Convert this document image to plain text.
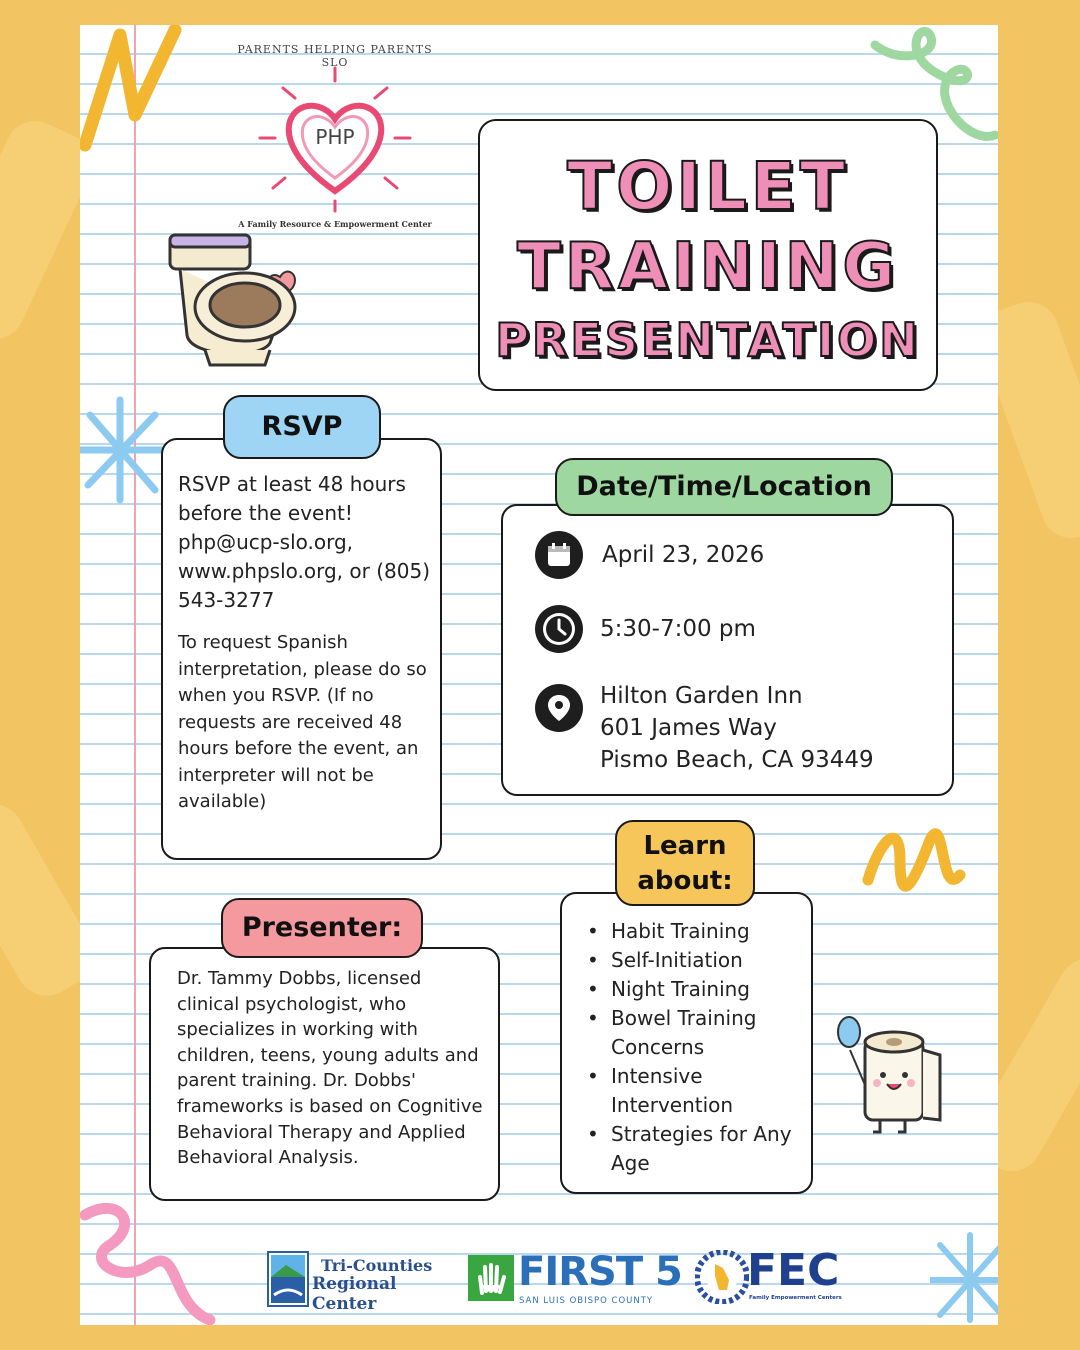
PARENTS HELPING PARENTS SLO
PHP
A Family Resource & Empowerment Center	TOILET
TRAINING
PRESENTATION
RSVP at least 48 hours before the event! php@ucp-slo.org, www.phpslo.org, or (805) 543-3277
To request Spanish interpretation, please do so when you RSVP. (If no requests are received 48 hours before the event, an interpreter will not be available)
RSVP
April 23, 2026
5:30-7:00 pm
Hilton Garden Inn
601 James Way
Pismo Beach, CA 93449
Date/Time/Location
• Habit Training
• Self-Initiation
• Night Training
• Bowel Training Concerns
• Intensive Intervention
• Strategies for Any Age
Learn
about:
Dr. Tammy Dobbs, licensed clinical psychologist, who specializes in working with children, teens, young adults and parent training. Dr. Dobbs' frameworks is based on Cognitive Behavioral Therapy and Applied Behavioral Analysis.
Presenter:
Tri-Counties
Regional Center
FIRST 5
SAN LUIS OBISPO COUNTY
FEC
Family Empowerment Centers
